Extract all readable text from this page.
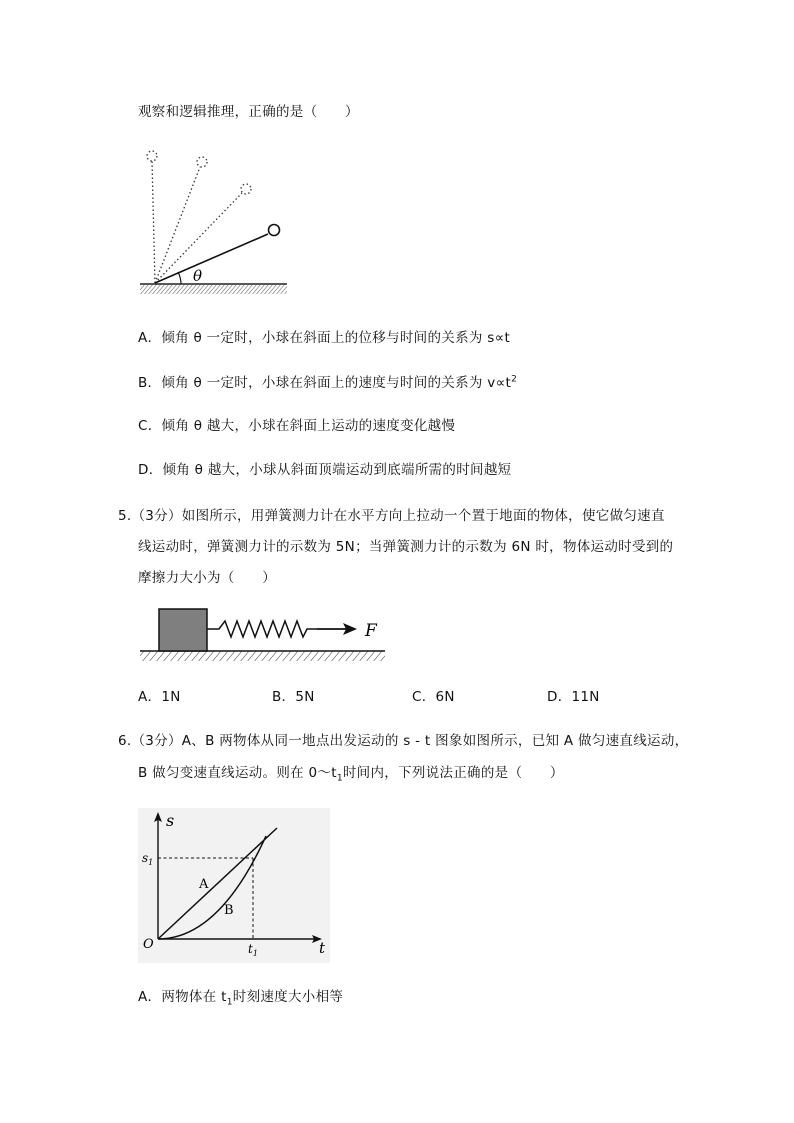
观察和逻辑推理，正确的是（　　）
θ
A．倾角 θ 一定时，小球在斜面上的位移与时间的关系为 s∝t
B．倾角 θ 一定时，小球在斜面上的速度与时间的关系为 $v\propto t^2$
C．倾角 θ 越大，小球在斜面上运动的速度变化越慢
D．倾角 θ 越大，小球从斜面顶端运动到底端所需的时间越短
5.（3分）如图所示，用弹簧测力计在水平方向上拉动一个置于地面的物体，使它做匀速直
线运动时，弹簧测力计的示数为 5N；当弹簧测力计的示数为 6N 时，物体运动时受到的
摩擦力大小为（　　）
F
A．1N	B．5N	C．6N	D．11N
6.（3分）A、B 两物体从同一地点出发运动的 s - t 图象如图所示，已知 A 做匀速直线运动，
B 做匀变速直线运动。则在 $0\sim t_1$时间内，下列说法正确的是（　　）
s
t
O
$s_1$
$t_1$
A
B
A．两物体在 $t_1$时刻速度大小相等
